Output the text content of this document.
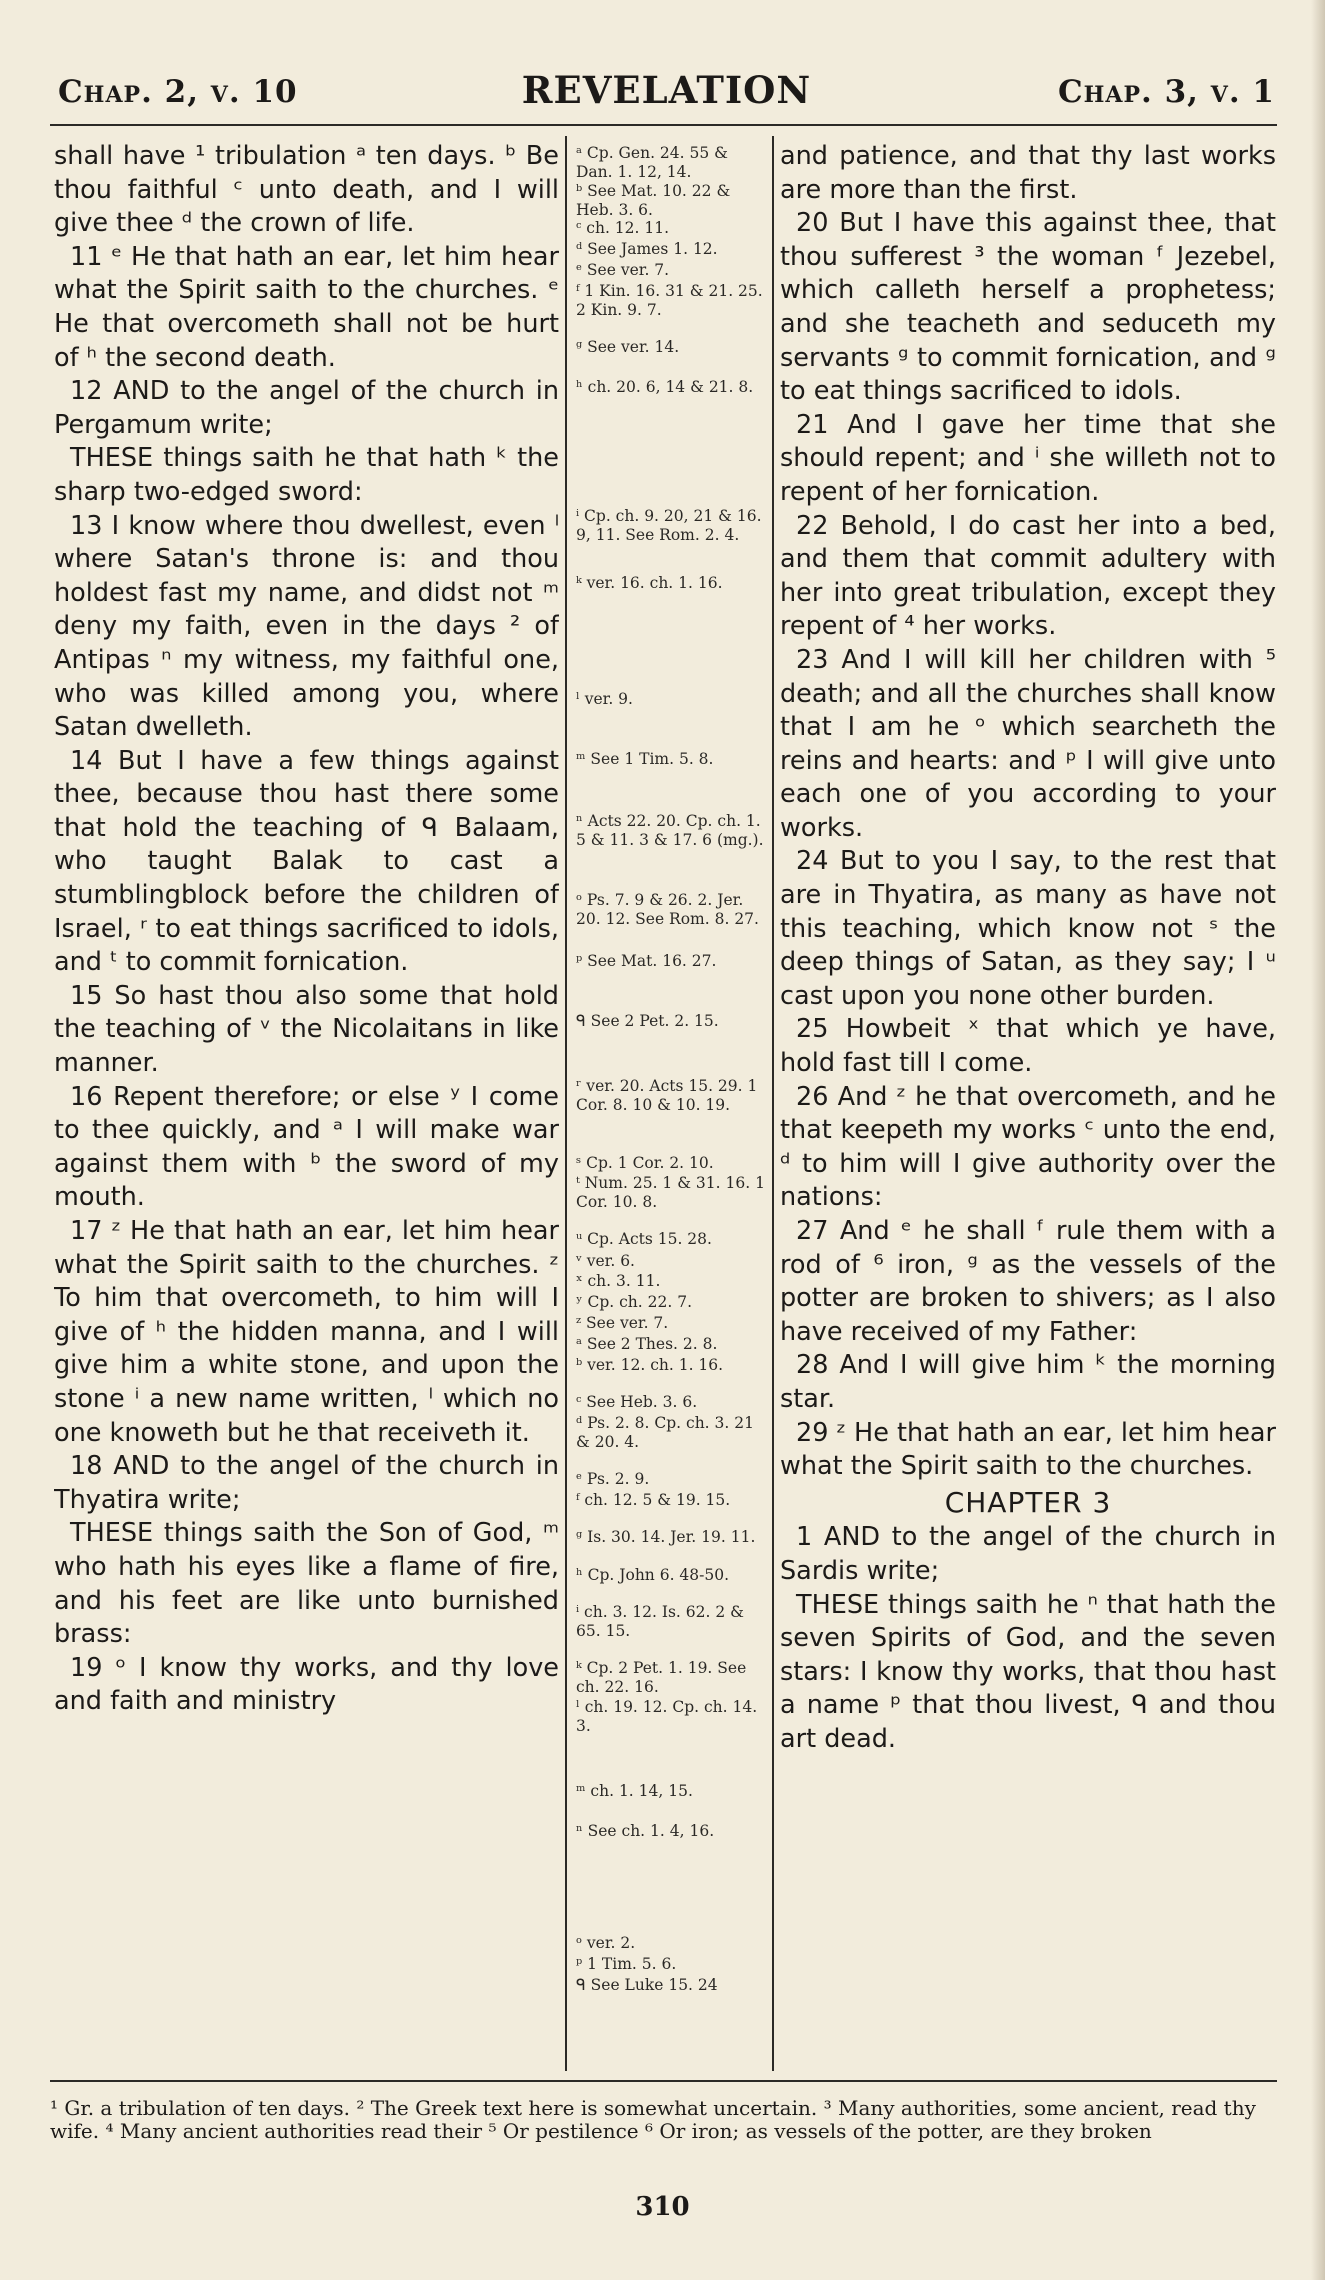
Chap. 2, v. 10	REVELATION	Chap. 3, v. 1

shall have ¹ tribulation ᵃ ten days. ᵇ Be thou faithful ᶜ unto death, and I will give thee ᵈ the crown of life.

11 ᵉ He that hath an ear, let him hear what the Spirit saith to the churches. ᵉ He that overcometh shall not be hurt of ʰ the second death.

12 AND to the angel of the church in Pergamum write;

THESE things saith he that hath ᵏ the sharp two-edged sword:

13 I know where thou dwellest, even ˡ where Satan's throne is: and thou holdest fast my name, and didst not ᵐ deny my faith, even in the days ² of Antipas ⁿ my witness, my faithful one, who was killed among you, where Satan dwelleth.

14 But I have a few things against thee, because thou hast there some that hold the teaching of ᑫ Balaam, who taught Balak to cast a stumblingblock before the children of Israel, ʳ to eat things sacrificed to idols, and ᵗ to commit fornication.

15 So hast thou also some that hold the teaching of ᵛ the Nicolaitans in like manner.

16 Repent therefore; or else ʸ I come to thee quickly, and ᵃ I will make war against them with ᵇ the sword of my mouth.

17 ᶻ He that hath an ear, let him hear what the Spirit saith to the churches. ᶻ To him that overcometh, to him will I give of ʰ the hidden manna, and I will give him a white stone, and upon the stone ⁱ a new name written, ˡ which no one knoweth but he that receiveth it.

18 AND to the angel of the church in Thyatira write;

THESE things saith the Son of God, ᵐ who hath his eyes like a flame of fire, and his feet are like unto burnished brass:

19 ᵒ I know thy works, and thy love and faith and ministry

ᵃ Cp. Gen. 24. 55 & Dan. 1. 12, 14.
ᵇ See Mat. 10. 22 & Heb. 3. 6.
ᶜ ch. 12. 11.
ᵈ See James 1. 12.
ᵉ See ver. 7.
ᶠ 1 Kin. 16. 31 & 21. 25. 2 Kin. 9. 7.
ᵍ See ver. 14.
ʰ ch. 20. 6, 14 & 21. 8.
ⁱ Cp. ch. 9. 20, 21 & 16. 9, 11. See Rom. 2. 4.
ᵏ ver. 16. ch. 1. 16.
ˡ ver. 9.
ᵐ See 1 Tim. 5. 8.
ⁿ Acts 22. 20. Cp. ch. 1. 5 & 11. 3 & 17. 6 (mg.).
ᵒ Ps. 7. 9 & 26. 2. Jer. 20. 12. See Rom. 8. 27.
ᵖ See Mat. 16. 27.
ᑫ See 2 Pet. 2. 15.
ʳ ver. 20. Acts 15. 29. 1 Cor. 8. 10 & 10. 19.
ˢ Cp. 1 Cor. 2. 10.
ᵗ Num. 25. 1 & 31. 16. 1 Cor. 10. 8.
ᵘ Cp. Acts 15. 28.
ᵛ ver. 6.
ˣ ch. 3. 11.
ʸ Cp. ch. 22. 7.
ᶻ See ver. 7.
ᵃ See 2 Thes. 2. 8.
ᵇ ver. 12. ch. 1. 16.
ᶜ See Heb. 3. 6.
ᵈ Ps. 2. 8. Cp. ch. 3. 21 & 20. 4.
ᵉ Ps. 2. 9.
ᶠ ch. 12. 5 & 19. 15.
ᵍ Is. 30. 14. Jer. 19. 11.
ʰ Cp. John 6. 48-50.
ⁱ ch. 3. 12. Is. 62. 2 & 65. 15.
ᵏ Cp. 2 Pet. 1. 19. See ch. 22. 16.
ˡ ch. 19. 12. Cp. ch. 14. 3.
ᵐ ch. 1. 14, 15.
ⁿ See ch. 1. 4, 16.
ᵒ ver. 2.
ᵖ 1 Tim. 5. 6.
ᑫ See Luke 15. 24

and patience, and that thy last works are more than the first.

20 But I have this against thee, that thou sufferest ³ the woman ᶠ Jezebel, which calleth herself a prophetess; and she teacheth and seduceth my servants ᵍ to commit fornication, and ᵍ to eat things sacrificed to idols.

21 And I gave her time that she should repent; and ⁱ she willeth not to repent of her fornication.

22 Behold, I do cast her into a bed, and them that commit adultery with her into great tribulation, except they repent of ⁴ her works.

23 And I will kill her children with ⁵ death; and all the churches shall know that I am he ᵒ which searcheth the reins and hearts: and ᵖ I will give unto each one of you according to your works.

24 But to you I say, to the rest that are in Thyatira, as many as have not this teaching, which know not ˢ the deep things of Satan, as they say; I ᵘ cast upon you none other burden.

25 Howbeit ˣ that which ye have, hold fast till I come.

26 And ᶻ he that overcometh, and he that keepeth my works ᶜ unto the end, ᵈ to him will I give authority over the nations:

27 And ᵉ he shall ᶠ rule them with a rod of ⁶ iron, ᵍ as the vessels of the potter are broken to shivers; as I also have received of my Father:

28 And I will give him ᵏ the morning star.

29 ᶻ He that hath an ear, let him hear what the Spirit saith to the churches.

CHAPTER 3

1 AND to the angel of the church in Sardis write;

THESE things saith he ⁿ that hath the seven Spirits of God, and the seven stars: I know thy works, that thou hast a name ᵖ that thou livest, ᑫ and thou art dead.

¹ Gr. a tribulation of ten days. ² The Greek text here is somewhat uncertain. ³ Many authorities, some ancient, read thy wife. ⁴ Many ancient authorities read their ⁵ Or pestilence ⁶ Or iron; as vessels of the potter, are they broken

310
